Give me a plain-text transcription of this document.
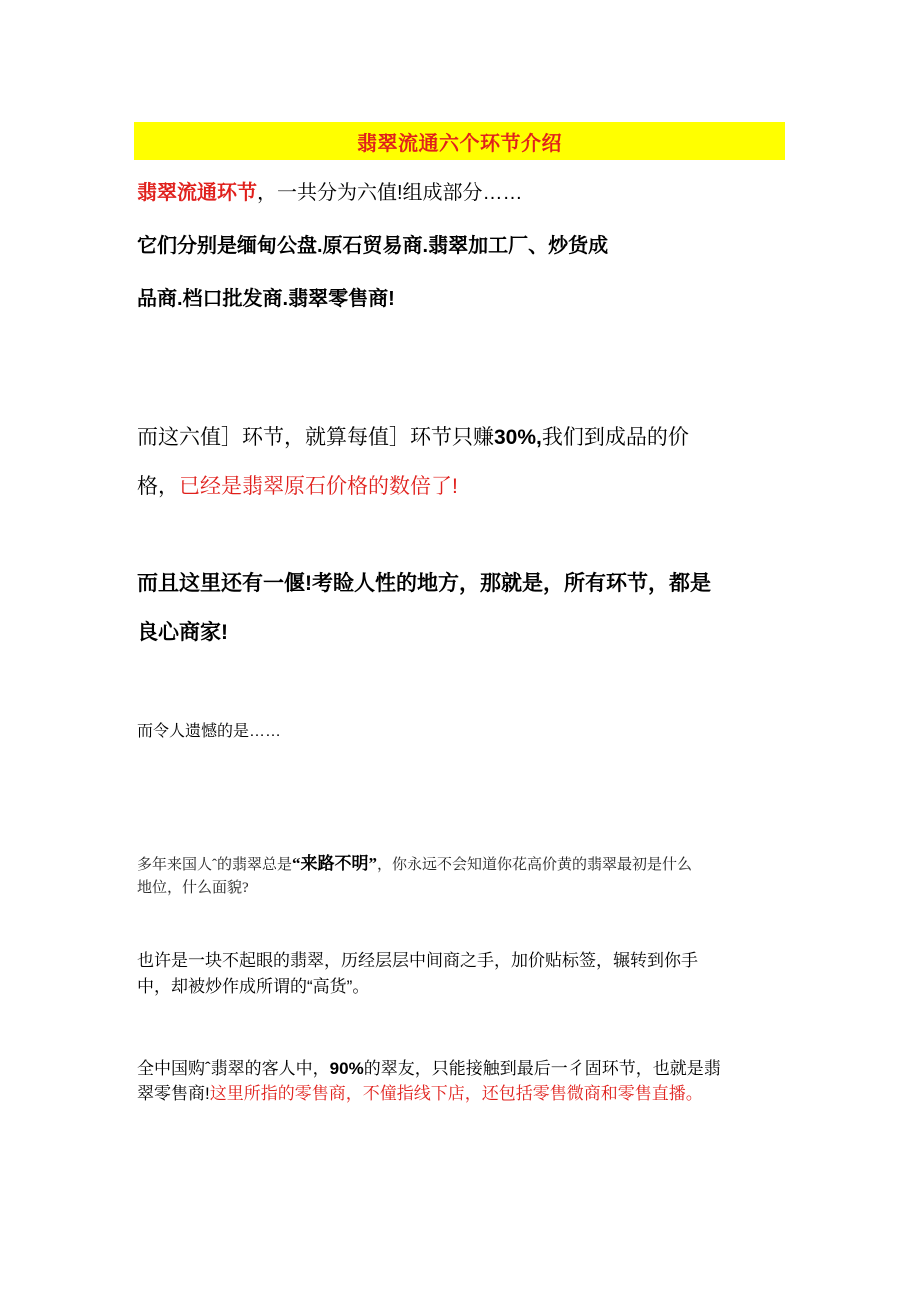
翡翠流通六个环节介绍
翡翠流通环节，一共分为六值!组成部分……
它们分别是缅甸公盘.原石贸易商.翡翠加工厂、炒货成
品商.档口批发商.翡翠零售商!
而这六值］环节，就算每值］环节只赚30%,我们到成品的价
格，已经是翡翠原石价格的数倍了!
而且这里还有一偃!考睑人性的地方，那就是，所有环节，都是
良心商家!
而令人遗憾的是……
多年来国人ˆ的翡翠总是“来路不明”，你永远不会知道你花高价黄的翡翠最初是什么
地位，什么面貌?
也许是一块不起眼的翡翠，历经层层中间商之手，加价贴标签，辗转到你手
中，却被炒作成所谓的“高货”。
全中国购ˆ翡翠的客人中，90%的翠友，只能接触到最后一彳固环节，也就是翡
翠零售商!这里所指的零售商，不僮指线下店，还包括零售微商和零售直播。
